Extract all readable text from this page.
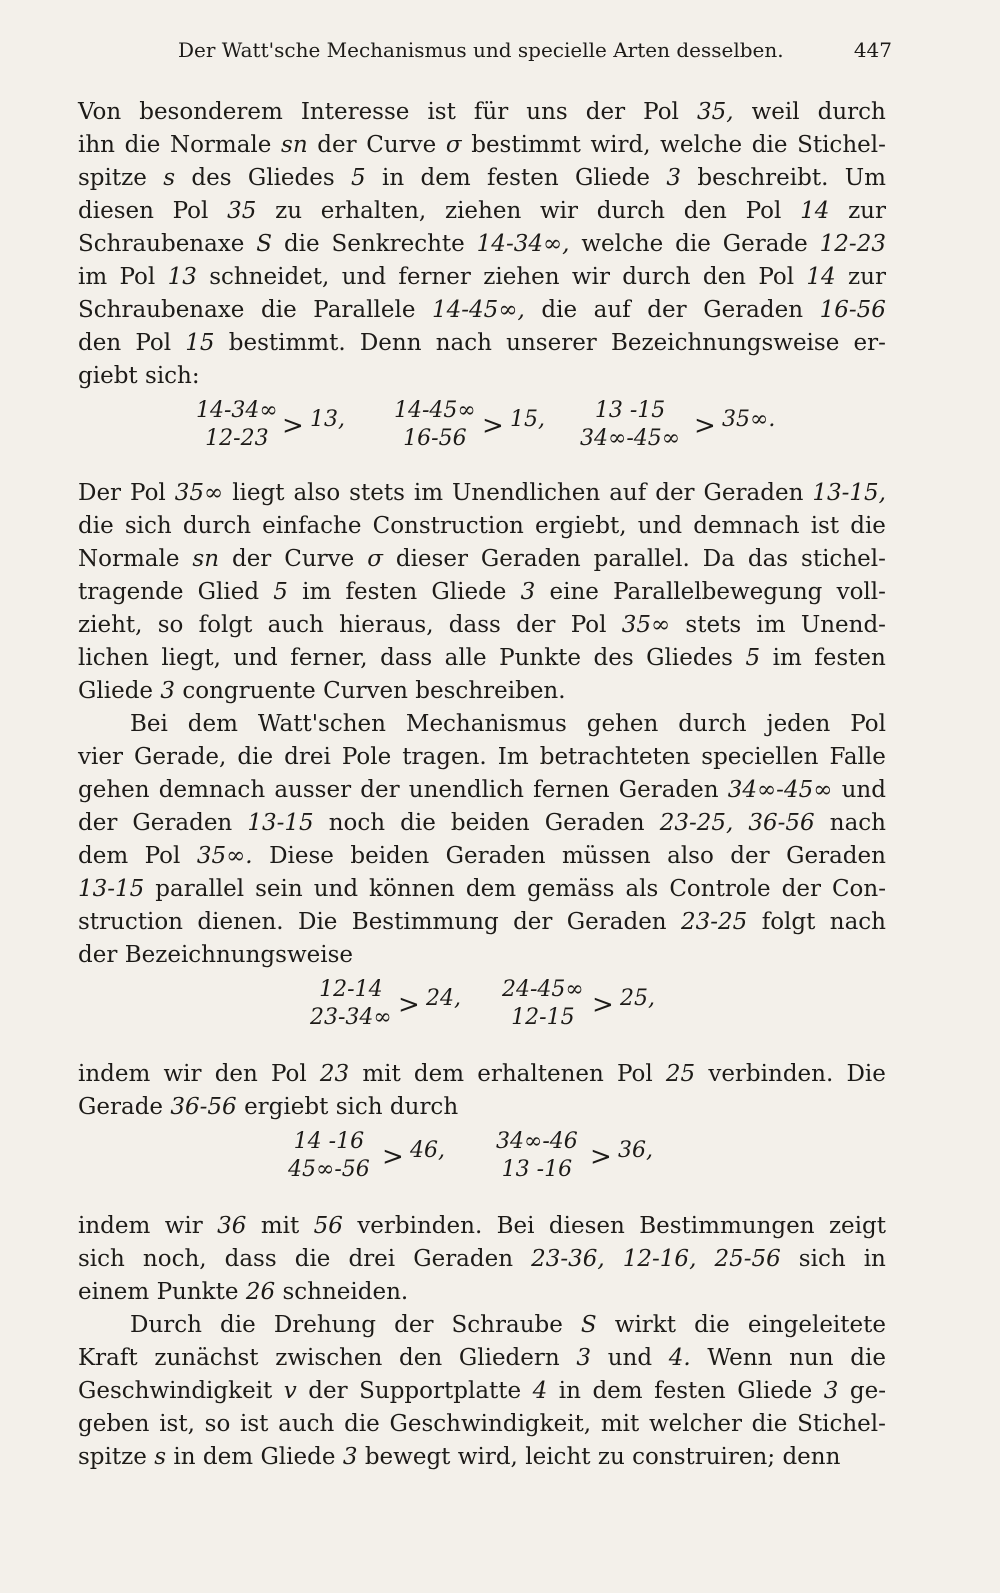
Der Watt'sche Mechanismus und specielle Arten desselben.	447
Von besonderem Interesse ist für uns der Pol 35, weil durch
ihn die Normale sn der Curve σ bestimmt wird, welche die Stichel-
spitze s des Gliedes 5 in dem festen Gliede 3 beschreibt. Um
diesen Pol 35 zu erhalten, ziehen wir durch den Pol 14 zur
Schraubenaxe S die Senkrechte 14-34∞, welche die Gerade 12-23
im Pol 13 schneidet, und ferner ziehen wir durch den Pol 14 zur
Schraubenaxe die Parallele 14-45∞, die auf der Geraden 16-56
den Pol 15 bestimmt. Denn nach unserer Bezeichnungsweise er-
giebt sich:
14-34∞
12-23 > 13, 14-45∞
16-56 > 15,	13 -15
34∞-45∞ > 35∞.
Der Pol 35∞ liegt also stets im Unendlichen auf der Geraden 13-15,
die sich durch einfache Construction ergiebt, und demnach ist die
Normale sn der Curve σ dieser Geraden parallel. Da das stichel-
tragende Glied 5 im festen Gliede 3 eine Parallelbewegung voll-
zieht, so folgt auch hieraus, dass der Pol 35∞ stets im Unend-
lichen liegt, und ferner, dass alle Punkte des Gliedes 5 im festen
Gliede 3 congruente Curven beschreiben.
Bei dem Watt'schen Mechanismus gehen durch jeden Pol
vier Gerade, die drei Pole tragen. Im betrachteten speciellen Falle
gehen demnach ausser der unendlich fernen Geraden 34∞-45∞ und
der Geraden 13-15 noch die beiden Geraden 23-25, 36-56 nach
dem Pol 35∞. Diese beiden Geraden müssen also der Geraden
13-15 parallel sein und können dem gemäss als Controle der Con-
struction dienen. Die Bestimmung der Geraden 23-25 folgt nach
der Bezeichnungsweise
12-14
23-34∞ > 24, 24-45∞
12-15 > 25,
indem wir den Pol 23 mit dem erhaltenen Pol 25 verbinden. Die
Gerade 36-56 ergiebt sich durch
14 -16
45∞-56 > 46, 34∞-46
13 -16 > 36,
indem wir 36 mit 56 verbinden. Bei diesen Bestimmungen zeigt
sich noch, dass die drei Geraden 23-36, 12-16, 25-56 sich in
einem Punkte 26 schneiden.
Durch die Drehung der Schraube S wirkt die eingeleitete
Kraft zunächst zwischen den Gliedern 3 und 4. Wenn nun die
Geschwindigkeit v der Supportplatte 4 in dem festen Gliede 3 ge-
geben ist, so ist auch die Geschwindigkeit, mit welcher die Stichel-
spitze s in dem Gliede 3 bewegt wird, leicht zu construiren; denn
